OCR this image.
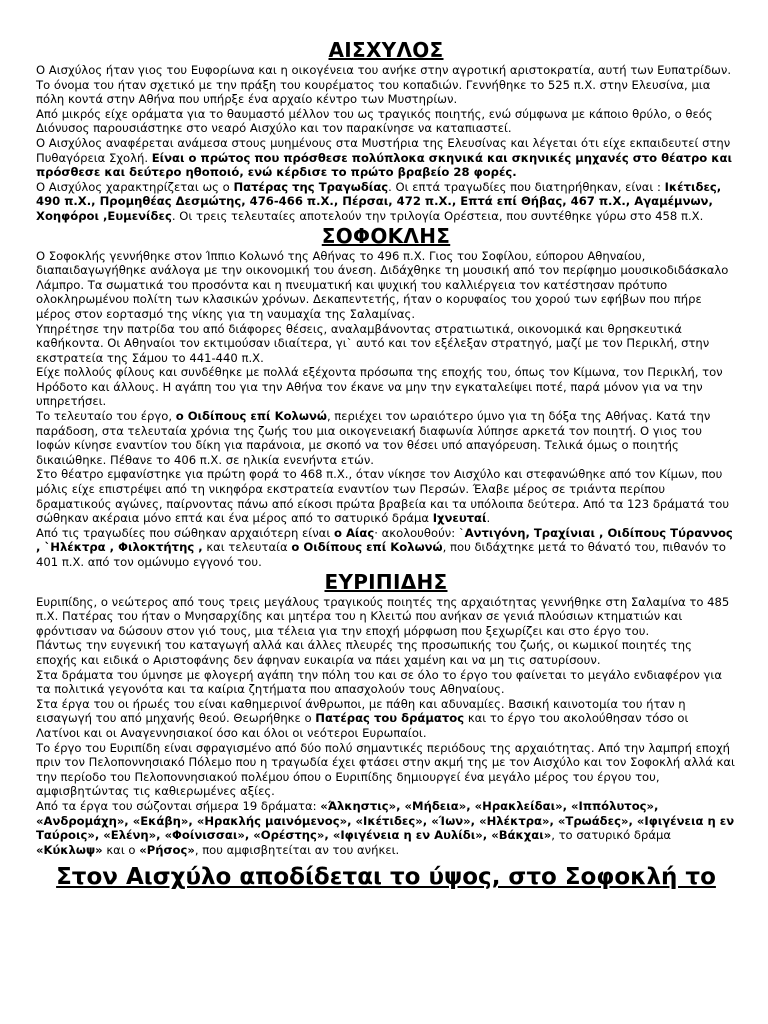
ΑΙΣΧΥΛΟΣ

Ο Αισχύλος ήταν γιος του Ευφορίωνα και η οικογένεια του ανήκε στην αγροτική αριστοκρατία, αυτή των Ευπατρίδων. Το όνομα του ήταν σχετικό με την πράξη του κουρέματος του κοπαδιών. Γεννήθηκε το 525 π.Χ. στην Ελευσίνα, μια πόλη κοντά στην Αθήνα που υπήρξε ένα αρχαίο κέντρο των Μυστηρίων.

Από μικρός είχε οράματα για το θαυμαστό μέλλον του ως τραγικός ποιητής, ενώ σύμφωνα με κάποιο θρύλο, ο θεός Διόνυσος παρουσιάστηκε στο νεαρό Αισχύλο και τον παρακίνησε να καταπιαστεί.

Ο Αισχύλος αναφέρεται ανάμεσα στους μυημένους στα Μυστήρια της Ελευσίνας και λέγεται ότι είχε εκπαιδευτεί στην Πυθαγόρεια Σχολή. Είναι ο πρώτος που πρόσθεσε πολύπλοκα σκηνικά και σκηνικές μηχανές στο θέατρο και πρόσθεσε και δεύτερο ηθοποιό, ενώ κέρδισε το πρώτο βραβείο 28 φορές.

Ο Αισχύλος χαρακτηρίζεται ως ο Πατέρας της Τραγωδίας. Οι επτά τραγωδίες που διατηρήθηκαν, είναι : Ικέτιδες, 490 π.Χ., Προμηθέας Δεσμώτης, 476-466 π.Χ., Πέρσαι, 472 π.Χ., Επτά επί Θήβας, 467 π.Χ., Αγαμέμνων, Χοηφόροι ,Ευμενίδες. Οι τρεις τελευταίες αποτελούν την τριλογία Ορέστεια, που συντέθηκε γύρω στο 458 π.Χ.

ΣΟΦΟΚΛΗΣ

Ο Σοφοκλής γεννήθηκε στον Ίππιο Κολωνό της Αθήνας το 496 π.Χ. Γιος του Σοφίλου, εύπορου Αθηναίου, διαπαιδαγωγήθηκε ανάλογα με την οικονομική του άνεση. Διδάχθηκε τη μουσική από τον περίφημο μουσικοδιδάσκαλο Λάμπρο. Τα σωματικά του προσόντα και η πνευματική και ψυχική του καλλιέργεια τον κατέστησαν πρότυπο ολοκληρωμένου πολίτη των κλασικών χρόνων. Δεκαπεντετής, ήταν ο κορυφαίος του χορού των εφήβων που πήρε μέρος στον εορτασμό της νίκης για τη ναυμαχία της Σαλαμίνας.

Υπηρέτησε την πατρίδα του από διάφορες θέσεις, αναλαμβάνοντας στρατιωτικά, οικονομικά και θρησκευτικά καθήκοντα. Οι Αθηναίοι τον εκτιμούσαν ιδιαίτερα, γι` αυτό και τον εξέλεξαν στρατηγό, μαζί με τον Περικλή, στην εκστρατεία της Σάμου το 441-440 π.Χ.

Είχε πολλούς φίλους και συνδέθηκε με πολλά εξέχοντα πρόσωπα της εποχής του, όπως τον Κίμωνα, τον Περικλή, τον Ηρόδοτο και άλλους. Η αγάπη του για την Αθήνα τον έκανε να μην την εγκαταλείψει ποτέ, παρά μόνον για να την υπηρετήσει.

Το τελευταίο του έργο, ο Οιδίπους επί Κολωνώ, περιέχει τον ωραιότερο ύμνο για τη δόξα της Αθήνας. Κατά την παράδοση, στα τελευταία χρόνια της ζωής του μια οικογενειακή διαφωνία λύπησε αρκετά τον ποιητή. Ο γιος του Ιοφών κίνησε εναντίον του δίκη για παράνοια, με σκοπό να τον θέσει υπό απαγόρευση. Τελικά όμως ο ποιητής δικαιώθηκε. Πέθανε το 406 π.Χ. σε ηλικία ενενήντα ετών.

Στο θέατρο εμφανίστηκε για πρώτη φορά το 468 π.Χ., όταν νίκησε τον Αισχύλο και στεφανώθηκε από τον Κίμων, που μόλις είχε επιστρέψει από τη νικηφόρα εκστρατεία εναντίον των Περσών. Έλαβε μέρος σε τριάντα περίπου δραματικούς αγώνες, παίρνοντας πάνω από είκοσι πρώτα βραβεία και τα υπόλοιπα δεύτερα. Από τα 123 δράματά του σώθηκαν ακέραια μόνο επτά και ένα μέρος από το σατυρικό δράμα Ιχνευταί.

Από τις τραγωδίες που σώθηκαν αρχαιότερη είναι ο Αίας· ακολουθούν: `Αντιγόνη, Τραχίνιαι , Οιδίπους Τύραννος , `Ηλέκτρα , Φιλοκτήτης , και τελευταία ο Οιδίπους επί Κολωνώ, που διδάχτηκε μετά το θάνατό του, πιθανόν το 401 π.Χ. από τον ομώνυμο εγγονό του.

ΕΥΡΙΠΙΔΗΣ

Ευριπίδης, ο νεώτερος από τους τρεις μεγάλους τραγικούς ποιητές της αρχαιότητας γεννήθηκε στη Σαλαμίνα το 485 π.Χ. Πατέρας του ήταν ο Μνησαρχίδης και μητέρα του η Κλειτώ που ανήκαν σε γενιά πλούσιων κτηματιών και φρόντισαν να δώσουν στον γιό τους, μια τέλεια για την εποχή μόρφωση που ξεχωρίζει και στο έργο του.

Πάντως την ευγενική του καταγωγή αλλά και άλλες πλευρές της προσωπικής του ζωής, οι κωμικοί ποιητές της εποχής και ειδικά ο Αριστοφάνης δεν άφηναν ευκαιρία να πάει χαμένη και να μη τις σατυρίσουν.

Στα δράματα του ύμνησε με φλογερή αγάπη την πόλη του και σε όλο το έργο του φαίνεται το μεγάλο ενδιαφέρον για τα πολιτικά γεγονότα και τα καίρια ζητήματα που απασχολούν τους Αθηναίους.

Στα έργα του οι ήρωές του είναι καθημερινοί άνθρωποι, με πάθη και αδυναμίες. Βασική καινοτομία του ήταν η εισαγωγή του από μηχανής θεού. Θεωρήθηκε ο Πατέρας του δράματος και το έργο του ακολούθησαν τόσο οι Λατίνοι και οι Αναγεννησιακοί όσο και όλοι οι νεότεροι Ευρωπαίοι.

Το έργο του Ευριπίδη είναι σφραγισμένο από δύο πολύ σημαντικές περιόδους της αρχαιότητας. Από την λαμπρή εποχή πριν τον Πελοποννησιακό Πόλεμο που η τραγωδία έχει φτάσει στην ακμή της με τον Αισχύλο και τον Σοφοκλή αλλά και την περίοδο του Πελοποννησιακού πολέμου όπου ο Ευριπίδης δημιουργεί ένα μεγάλο μέρος του έργου του, αμφισβητώντας τις καθιερωμένες αξίες.

Από τα έργα του σώζονται σήμερα 19 δράματα: «Άλκηστις», «Μήδεια», «Ηρακλείδαι», «Ιππόλυτος», «Ανδρομάχη», «Εκάβη», «Ηρακλής μαινόμενος», «Ικέτιδες», «Ίων», «Ηλέκτρα», «Τρωάδες», «Ιφιγένεια η εν Ταύροις», «Ελένη», «Φοίνισσαι», «Ορέστης», «Ιφιγένεια η εν Αυλίδι», «Βάκχαι», το σατυρικό δράμα «Κύκλωψ» και ο «Ρήσος», που αμφισβητείται αν του ανήκει.

Στον Αισχύλο αποδίδεται το ύψος, στο Σοφοκλή το
